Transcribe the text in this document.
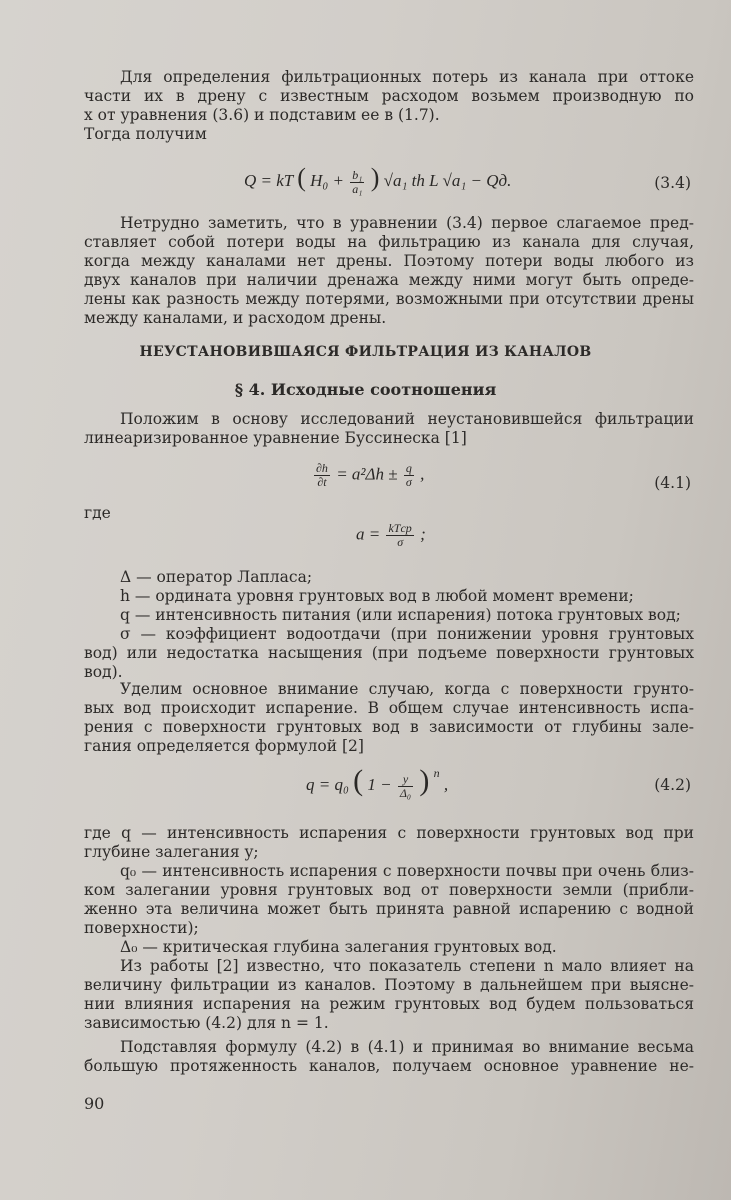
Для определения фильтрационных потерь из канала при оттоке
части их в дрену с известным расходом возьмем производную по
x от уравнения (3.6) и подставим ее в (1.7).
Тогда получим
Q = kT ( $H_0 + \frac{\text{b₁}}{\text{a₁}}$ ) √a₁ th L √a₁ − Qд.	(3.4)
Нетрудно заметить, что в уравнении (3.4) первое слагаемое пред-
ставляет собой потери воды на фильтрацию из канала для случая,
когда между каналами нет дрены. Поэтому потери воды любого из
двух каналов при наличии дренажа между ними могут быть опреде-
лены как разность между потерями, возможными при отсутствии дрены
между каналами, и расходом дрены.
НЕУСТАНОВИВШАЯСЯ ФИЛЬТРАЦИЯ ИЗ КАНАЛОВ
§ 4. Исходные соотношения
Положим в основу исследований неустановившейся фильтрации
линеаризированное уравнение Буссинеска [1]
$\frac{\partial h}{\partial t} = a^2\Delta h \pm \frac{q}{\sigma}$ ,	(4.1)
где
$a = \frac{\text{kTср}}{\sigma}$ ;
Δ — оператор Лапласа;
h — ордината уровня грунтовых вод в любой момент времени;
q — интенсивность питания (или испарения) потока грунтовых вод;
σ — коэффициент водоотдачи (при понижении уровня грунтовых
вод) или недостатка насыщения (при подъеме поверхности грунтовых
вод).
Уделим основное внимание случаю, когда с поверхности грунто-
вых вод происходит испарение. В общем случае интенсивность испа-
рения с поверхности грунтовых вод в зависимости от глубины зале-
гания определяется формулой [2]
q = q₀ ( $1 - \frac{y}{\text{Δ₀}}$ ) $^n$ ,	(4.2)
где q — интенсивность испарения с поверхности грунтовых вод при
глубине залегания y;
q₀ — интенсивность испарения с поверхности почвы при очень близ-
ком залегании уровня грунтовых вод от поверхности земли (прибли-
женно эта величина может быть принята равной испарению с водной
поверхности);
Δ₀ — критическая глубина залегания грунтовых вод.
Из работы [2] известно, что показатель степени n мало влияет на
величину фильтрации из каналов. Поэтому в дальнейшем при выясне-
нии влияния испарения на режим грунтовых вод будем пользоваться
зависимостью (4.2) для n = 1.
Подставляя формулу (4.2) в (4.1) и принимая во внимание весьма
большую протяженность каналов, получаем основное уравнение не-
90
